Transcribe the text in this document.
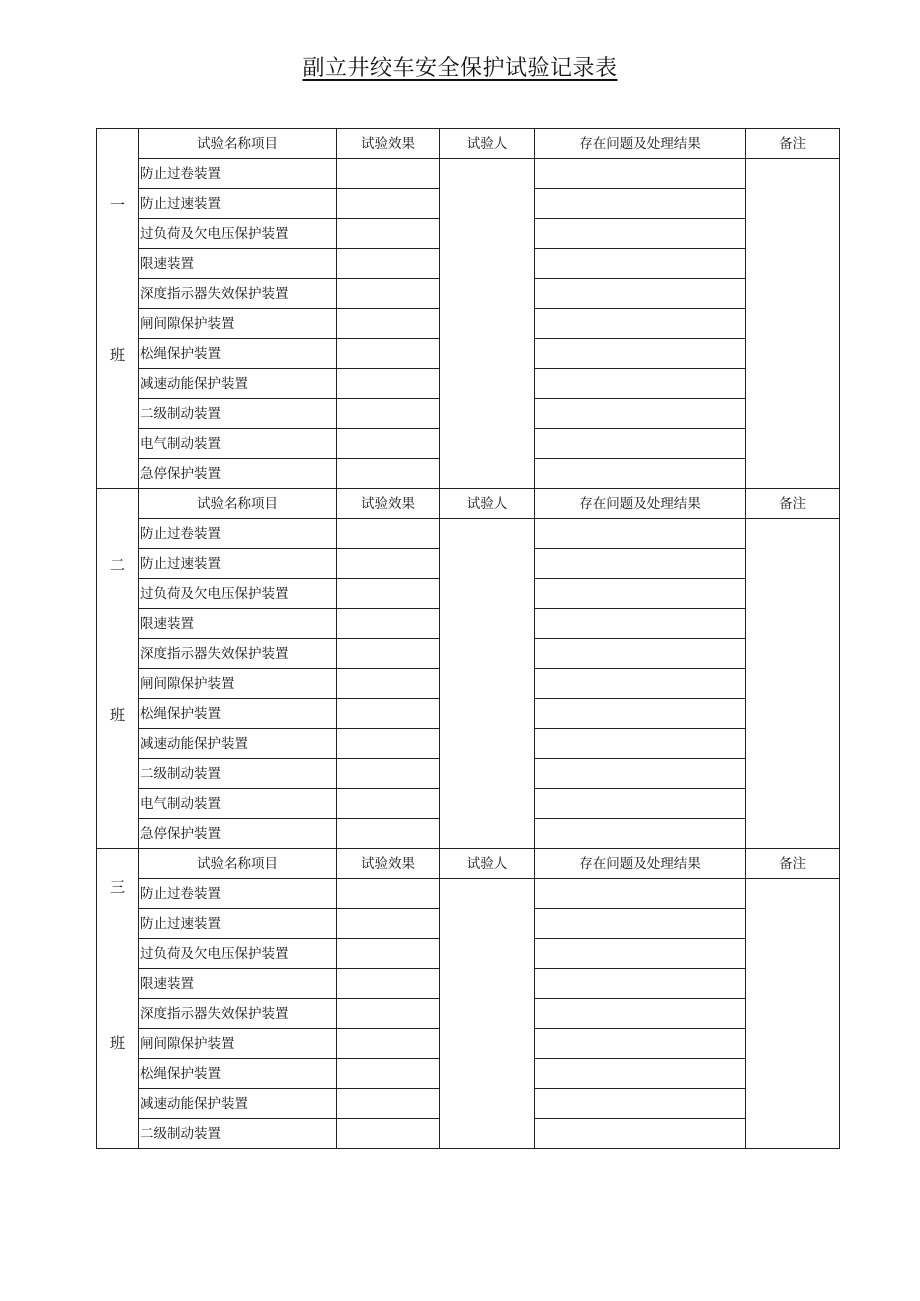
副立井绞车安全保护试验记录表
一
班	试验名称项目	试验效果	试验人	存在问题及处理结果	备注
	防止过卷装置				
	防止过速装置				
	过负荷及欠电压保护装置				
	限速装置				
	深度指示器失效保护装置				
	闸间隙保护装置				
	松绳保护装置				
	减速动能保护装置				
	二级制动装置				
	电气制动装置				
	急停保护装置				

二
班	试验名称项目	试验效果	试验人	存在问题及处理结果	备注
	防止过卷装置				
	防止过速装置				
	过负荷及欠电压保护装置				
	限速装置				
	深度指示器失效保护装置				
	闸间隙保护装置				
	松绳保护装置				
	减速动能保护装置				
	二级制动装置				
	电气制动装置				
	急停保护装置				

三
班	试验名称项目	试验效果	试验人	存在问题及处理结果	备注
	防止过卷装置				
	防止过速装置				
	过负荷及欠电压保护装置				
	限速装置				
	深度指示器失效保护装置				
	闸间隙保护装置				
	松绳保护装置				
	减速动能保护装置				
	二级制动装置				
